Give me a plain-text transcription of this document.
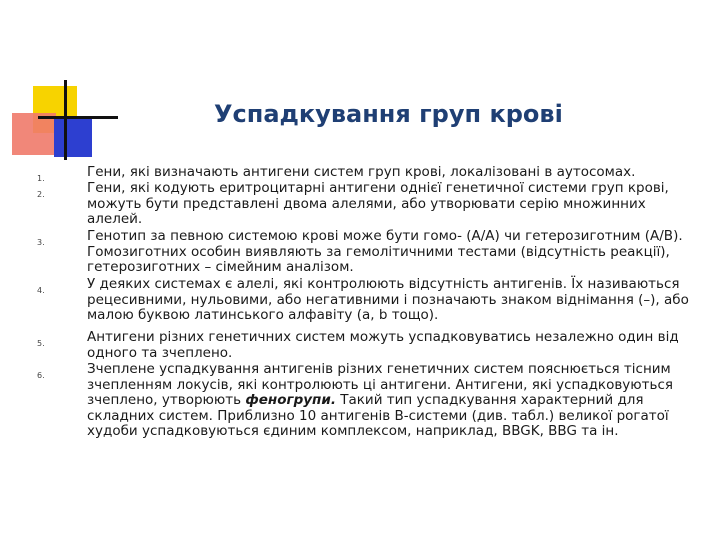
Успадкування груп крові
1.	Гени, які визначають антигени систем груп крові, локалізовані в аутосомах.
2.	Гени, які кодують еритроцитарні антигени однієї генетичної системи груп крові, можуть бути представлені двома алелями, або утворювати серію множинних алелей.
3.	Генотип за певною системою крові може бути гомо- (A/A) чи гетерозиготним (A/B). Гомозиготних особин виявляють за гемолітичними тестами (відсутність реакції), гетерозиготних – сімейним аналізом.
4.	У деяких системах є алелі, які контролюють відсутність антигенів. Їх називаються рецесивними, нульовими, або негативними і позначають знаком віднімання (–), або малою буквою латинського алфавіту (a, b тощо).
5.	Антигени різних генетичних систем можуть успадковуватись незалежно один від одного та зчеплено.
6.	Зчеплене успадкування антигенів різних генетичних систем пояснюється тісним зчепленням локусів, які контролюють ці антигени. Антигени, які успадковуються зчеплено, утворюють феногрупи. Такий тип успадкування характерний для складних систем. Приблизно 10 антигенів В-системи (див. табл.) великої рогатої худоби успадковуються єдиним комплексом, наприклад, BBGK, BBG та ін.
